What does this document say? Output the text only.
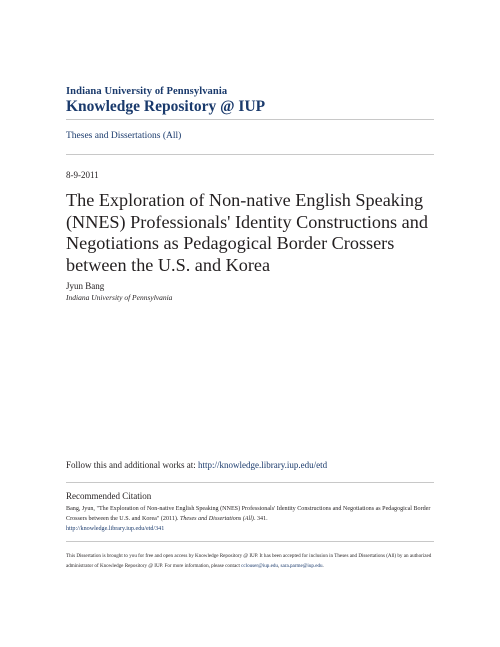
Indiana University of Pennsylvania
Knowledge Repository @ IUP
Theses and Dissertations (All)
8-9-2011
The Exploration of Non-native English Speaking (NNES) Professionals' Identity Constructions and Negotiations as Pedagogical Border Crossers between the U.S. and Korea
Jyun Bang
Indiana University of Pennsylvania
Follow this and additional works at: http://knowledge.library.iup.edu/etd
Recommended Citation
Bang, Jyun, "The Exploration of Non-native English Speaking (NNES) Professionals' Identity Constructions and Negotiations as Pedagogical Border Crossers between the U.S. and Korea" (2011). Theses and Dissertations (All). 341.
http://knowledge.library.iup.edu/etd/341
This Dissertation is brought to you for free and open access by Knowledge Repository @ IUP. It has been accepted for inclusion in Theses and Dissertations (All) by an authorized administrator of Knowledge Repository @ IUP. For more information, please contact cclouser@iup.edu, sara.parme@iup.edu.
